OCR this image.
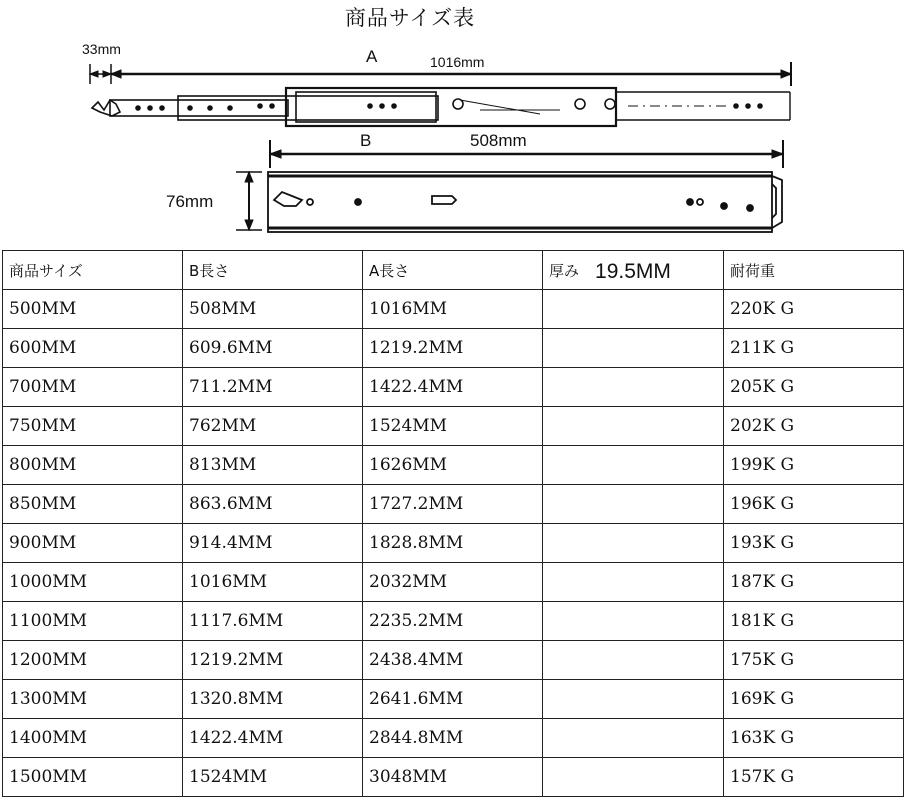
商品サイズ表
33mm	A	1016mm
B	508mm
76mm
商品サイズ	B長さ	A長さ	厚み 19.5MM	耐荷重
500MM	508MM	1016MM		220K G
600MM	609.6MM	1219.2MM		211K G
700MM	711.2MM	1422.4MM		205K G
750MM	762MM	1524MM		202K G
800MM	813MM	1626MM		199K G
850MM	863.6MM	1727.2MM		196K G
900MM	914.4MM	1828.8MM		193K G
1000MM	1016MM	2032MM		187K G
1100MM	1117.6MM	2235.2MM		181K G
1200MM	1219.2MM	2438.4MM		175K G
1300MM	1320.8MM	2641.6MM		169K G
1400MM	1422.4MM	2844.8MM		163K G
1500MM	1524MM	3048MM		157K G
